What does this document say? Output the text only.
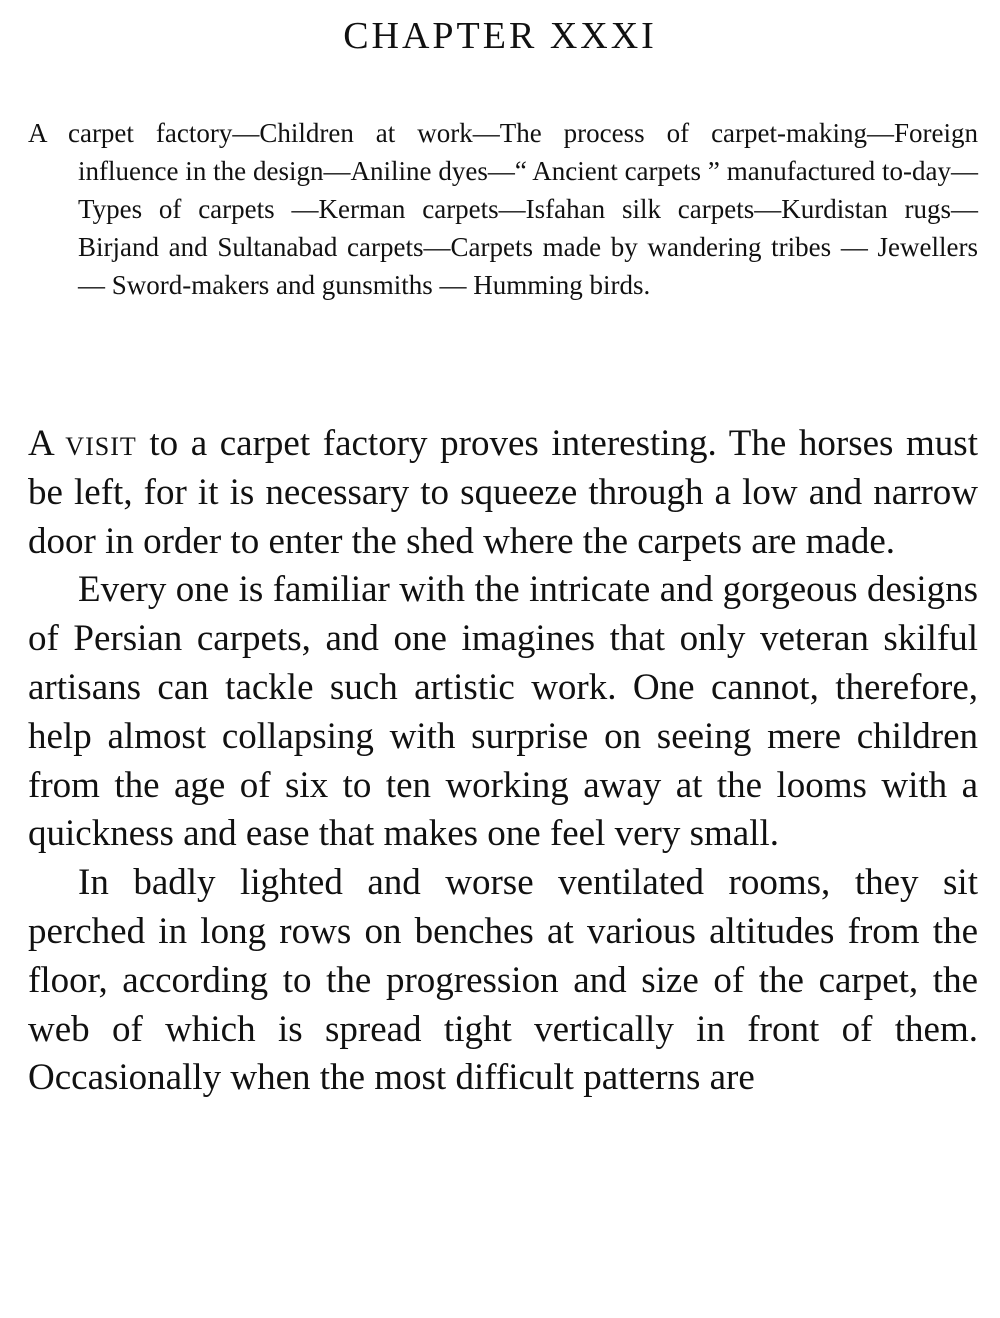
CHAPTER XXXI

A carpet factory—Children at work—The process of carpet-making—Foreign influence in the design—Aniline dyes—“ Ancient carpets ” manufactured to-day—Types of carpets —Kerman carpets—Isfahan silk carpets—Kurdistan rugs—Birjand and Sultanabad carpets—Carpets made by wandering tribes — Jewellers — Sword-makers and gunsmiths — Humming birds.

A visit to a carpet factory proves interesting. The horses must be left, for it is necessary to squeeze through a low and narrow door in order to enter the shed where the carpets are made.

Every one is familiar with the intricate and gorgeous designs of Persian carpets, and one imagines that only veteran skilful artisans can tackle such artistic work. One cannot, therefore, help almost collapsing with surprise on seeing mere children from the age of six to ten working away at the looms with a quickness and ease that makes one feel very small.

In badly lighted and worse ventilated rooms, they sit perched in long rows on benches at various altitudes from the floor, according to the progression and size of the carpet, the web of which is spread tight vertically in front of them. Occasionally when the most difficult patterns are
